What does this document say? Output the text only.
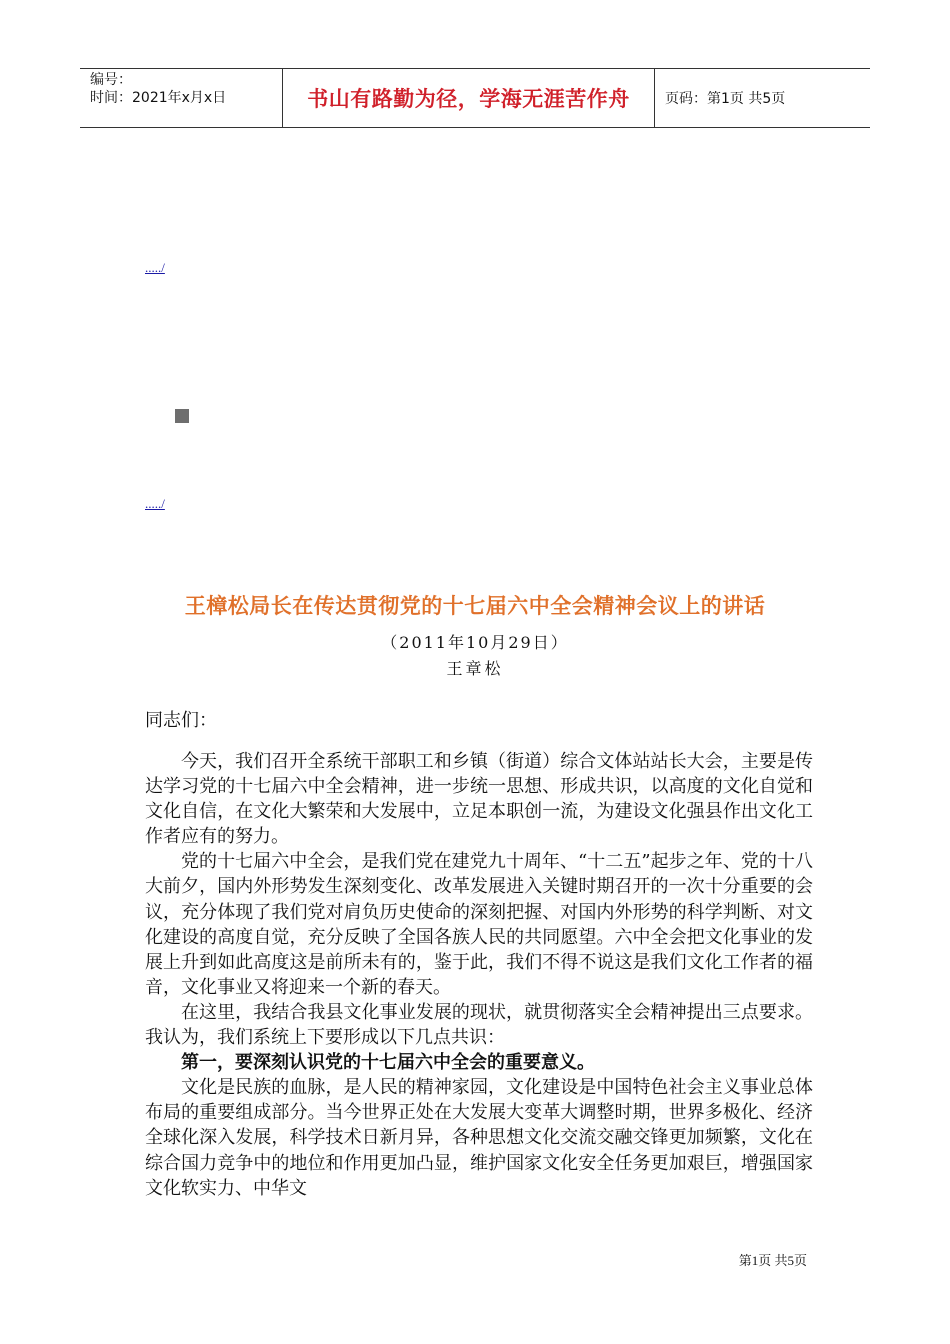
编号：
时间：2021年x月x日	书山有路勤为径，学海无涯苦作舟	页码：第1页 共5页
...../
...../
王樟松局长在传达贯彻党的十七届六中全会精神会议上的讲话
（2011年10月29日）
王章松
同志们：

今天，我们召开全系统干部职工和乡镇（街道）综合文体站站长大会，主要是传达学习党的十七届六中全会精神，进一步统一思想、形成共识，以高度的文化自觉和文化自信，在文化大繁荣和大发展中，立足本职创一流，为建设文化强县作出文化工作者应有的努力。

党的十七届六中全会，是我们党在建党九十周年、“十二五”起步之年、党的十八大前夕，国内外形势发生深刻变化、改革发展进入关键时期召开的一次十分重要的会议，充分体现了我们党对肩负历史使命的深刻把握、对国内外形势的科学判断、对文化建设的高度自觉，充分反映了全国各族人民的共同愿望。六中全会把文化事业的发展上升到如此高度这是前所未有的，鉴于此，我们不得不说这是我们文化工作者的福音，文化事业又将迎来一个新的春天。

在这里，我结合我县文化事业发展的现状，就贯彻落实全会精神提出三点要求。我认为，我们系统上下要形成以下几点共识：

第一，要深刻认识党的十七届六中全会的重要意义。

文化是民族的血脉，是人民的精神家园，文化建设是中国特色社会主义事业总体布局的重要组成部分。当今世界正处在大发展大变革大调整时期，世界多极化、经济全球化深入发展，科学技术日新月异，各种思想文化交流交融交锋更加频繁，文化在综合国力竞争中的地位和作用更加凸显，维护国家文化安全任务更加艰巨，增强国家文化软实力、中华文

第1页 共5页
